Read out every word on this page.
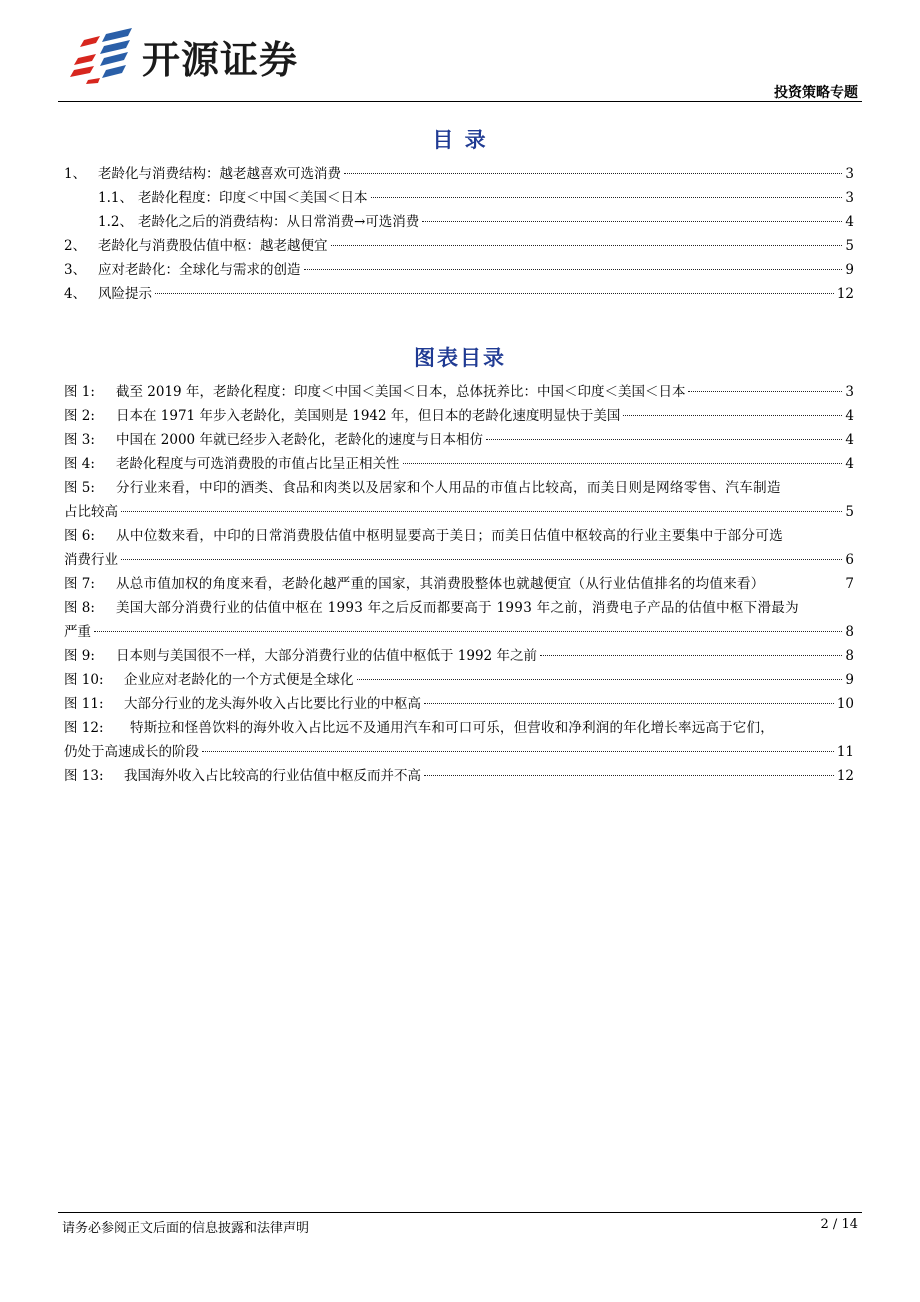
开源证券
投资策略专题
目 录
1、 老龄化与消费结构：越老越喜欢可选消费	3
1.1、 老龄化程度：印度＜中国＜美国＜日本	3
1.2、 老龄化之后的消费结构：从日常消费→可选消费	4
2、 老龄化与消费股估值中枢：越老越便宜	5
3、 应对老龄化：全球化与需求的创造	9
4、 风险提示	12
图表目录
图 1:	截至 2019 年，老龄化程度：印度＜中国＜美国＜日本，总体抚养比：中国＜印度＜美国＜日本	3
图 2:	日本在 1971 年步入老龄化，美国则是 1942 年，但日本的老龄化速度明显快于美国	4
图 3:	中国在 2000 年就已经步入老龄化，老龄化的速度与日本相仿	4
图 4:	老龄化程度与可选消费股的市值占比呈正相关性	4
图 5:	分行业来看，中印的酒类、食品和肉类以及居家和个人用品的市值占比较高，而美日则是网络零售、汽车制造
占比较高	5
图 6:	从中位数来看，中印的日常消费股估值中枢明显要高于美日；而美日估值中枢较高的行业主要集中于部分可选
消费行业	6
图 7:	从总市值加权的角度来看，老龄化越严重的国家，其消费股整体也就越便宜（从行业估值排名的均值来看）	7
图 8:	美国大部分消费行业的估值中枢在 1993 年之后反而都要高于 1993 年之前，消费电子产品的估值中枢下滑最为
严重	8
图 9:	日本则与美国很不一样，大部分消费行业的估值中枢低于 1992 年之前	8
图 10:	企业应对老龄化的一个方式便是全球化	9
图 11:	大部分行业的龙头海外收入占比要比行业的中枢高	10
图 12:	特斯拉和怪兽饮料的海外收入占比远不及通用汽车和可口可乐，但营收和净利润的年化增长率远高于它们，
仍处于高速成长的阶段	11
图 13:	我国海外收入占比较高的行业估值中枢反而并不高	12
请务必参阅正文后面的信息披露和法律声明	2 / 14
